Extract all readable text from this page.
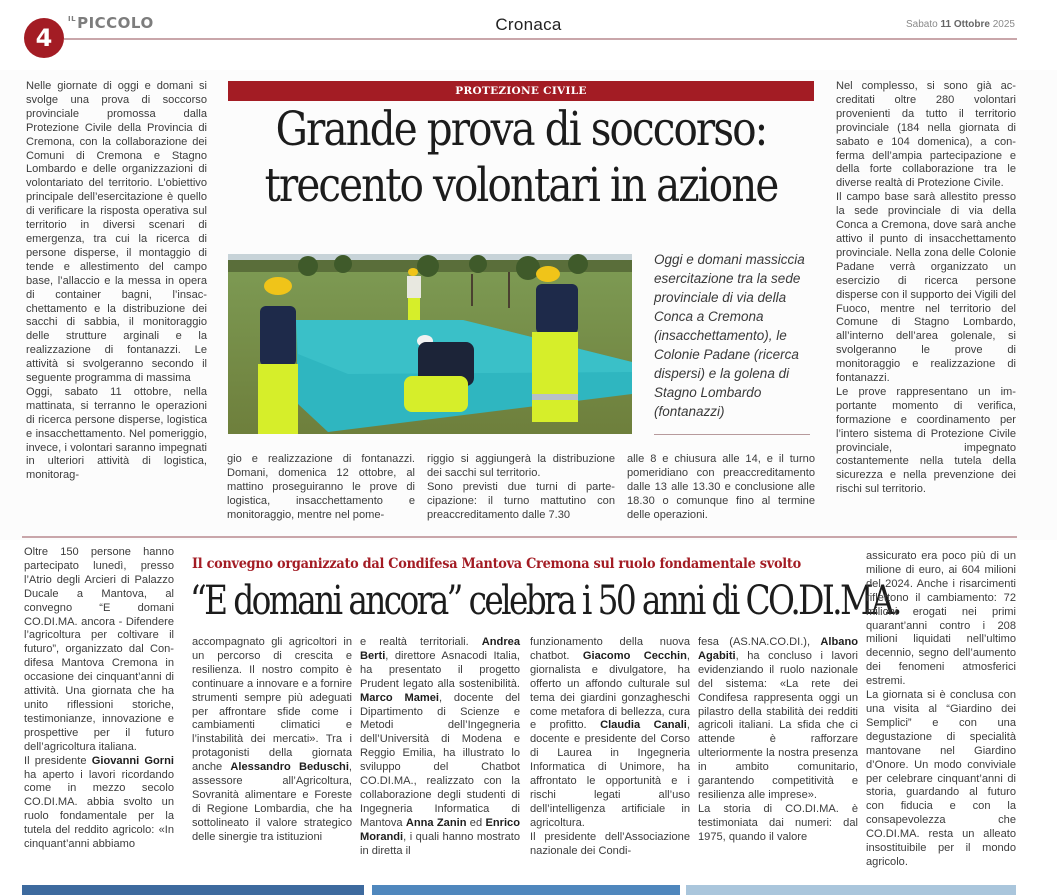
4
$^{IL}$PICCOLO	Cronaca	Sabato 11 Ottobre 2025

Nelle giornate di oggi e domani si svolge una prova di soccorso provinciale promossa dalla Protezione Civile della Provincia di Cremona, con la collaborazione dei Comuni di Cremona e Stagno Lombardo e delle organizzazioni di volontariato del territorio. L’obiettivo principale dell’esercitazione è quello di verificare la risposta operativa sul territorio in diversi scenari di emergenza, tra cui la ricerca di persone disperse, il montaggio di tende e allestimento del campo base, l’allaccio e la messa in opera di container bagni, l’insacchettamento e la distribuzione dei sacchi di sabbia, il monitoraggio delle strutture arginali e la realizzazione di fontanazzi. Le attività si svolgeranno secondo il seguente programma di massima

Oggi, sabato 11 ottobre, nella mattinata, si terranno le operazioni di ricerca persone disperse, logistica e insacchettamento. Nel pomeriggio, invece, i volontari saranno impegnati in ulteriori attività di logistica, monitorag-

PROTEZIONE CIVILE
Grande prova di soccorso:
trecento volontari in azione
Oggi e domani massiccia esercitazione tra la sede provinciale di via della Conca a Cremona (insacchettamento), le Colonie Padane (ricerca dispersi) e la golena di Stagno Lombardo (fontanazzi)

gio e realizzazione di fontanazzi. Domani, domenica 12 ottobre, al mattino proseguiranno le prove di logistica, insacchettamento e monitoraggio, mentre nel pome-

riggio si aggiungerà la distribuzione dei sacchi sul territorio.

Sono previsti due turni di partecipazione: il turno mattutino con preaccreditamento dalle 7.30

alle 8 e chiusura alle 14, e il turno pomeridiano con preaccreditamento dalle 13 alle 13.30 e conclusione alle 18.30 o comunque fino al termine delle operazioni.

Nel complesso, si sono già accreditati oltre 280 volontari provenienti da tutto il territorio provinciale (184 nella giornata di sabato e 104 domenica), a conferma dell’ampia partecipazione e della forte collaborazione tra le diverse realtà di Protezione Civile.

Il campo base sarà allestito presso la sede provinciale di via della Conca a Cremona, dove sarà anche attivo il punto di insacchettamento provinciale. Nella zona delle Colonie Padane verrà organizzato un esercizio di ricerca persone disperse con il supporto dei Vigili del Fuoco, mentre nel territorio del Comune di Stagno Lombardo, all’interno dell’area golenale, si svolgeranno le prove di monitoraggio e realizzazione di fontanazzi.

Le prove rappresentano un importante momento di verifica, formazione e coordinamento per l’intero sistema di Protezione Civile provinciale, impegnato costantemente nella tutela della sicurezza e nella prevenzione dei rischi sul territorio.

Oltre 150 persone hanno partecipato lunedì, presso l’Atrio degli Arcieri di Palazzo Ducale a Mantova, al convegno “E domani CO.DI.MA. ancora - Difendere l’agricoltura per coltivare il futuro”, organizzato dal Condifesa Mantova Cremona in occasione dei cinquant’anni di attività. Una giornata che ha unito riflessioni storiche, testimonianze, innovazione e prospettive per il futuro dell’agricoltura italiana.

Il presidente Giovanni Gorni ha aperto i lavori ricordando come in mezzo secolo CO.DI.MA. abbia svolto un ruolo fondamentale per la tutela del reddito agricolo: «In cinquant’anni abbiamo

Il convegno organizzato dal Condifesa Mantova Cremona sul ruolo fondamentale svolto
“E domani ancora” celebra i 50 anni di CO.DI.MA.

accompagnato gli agricoltori in un percorso di crescita e resilienza. Il nostro compito è continuare a innovare e a fornire strumenti sempre più adeguati per affrontare sfide come i cambiamenti climatici e l’instabilità dei mercati». Tra i protagonisti della giornata anche Alessandro Beduschi, assessore all’Agricoltura, Sovranità alimentare e Foreste di Regione Lombardia, che ha sottolineato il valore strategico delle sinergie tra istituzioni

e realtà territoriali. Andrea Berti, direttore Asnacodi Italia, ha presentato il progetto Prudent legato alla sostenibilità. Marco Mamei, docente del Dipartimento di Scienze e Metodi dell’Ingegneria dell’Università di Modena e Reggio Emilia, ha illustrato lo sviluppo del Chatbot CO.DI.MA., realizzato con la collaborazione degli studenti di Ingegneria Informatica di Mantova Anna Zanin ed Enrico Morandi, i quali hanno mostrato in diretta il

funzionamento della nuova chatbot. Giacomo Cecchin, giornalista e divulgatore, ha offerto un affondo culturale sul tema dei giardini gonzagheschi come metafora di bellezza, cura e profitto. Claudia Canali, docente e presidente del Corso di Laurea in Ingegneria Informatica di Unimore, ha affrontato le opportunità e i rischi legati all’uso dell’intelligenza artificiale in agricoltura.

Il presidente dell’Associazione nazionale dei Condi-

fesa (AS.NA.CO.DI.), Albano Agabiti, ha concluso i lavori evidenziando il ruolo nazionale del sistema: «La rete dei Condifesa rappresenta oggi un pilastro della stabilità dei redditi agricoli italiani. La sfida che ci attende è rafforzare ulteriormente la nostra presenza in ambito comunitario, garantendo competitività e resilienza alle imprese».

La storia di CO.DI.MA. è testimoniata dai numeri: dal 1975, quando il valore

assicurato era poco più di un milione di euro, ai 604 milioni del 2024. Anche i risarcimenti riflettono il cambiamento: 72 milioni erogati nei primi quarant’anni contro i 208 milioni liquidati nell’ultimo decennio, segno dell’aumento dei fenomeni atmosferici estremi.

La giornata si è conclusa con una visita al “Giardino dei Semplici” e con una degustazione di specialità mantovane nel Giardino d’Onore. Un modo conviviale per celebrare cinquant’anni di storia, guardando al futuro con fiducia e con la consapevolezza che CO.DI.MA. resta un alleato insostituibile per il mondo agricolo.
